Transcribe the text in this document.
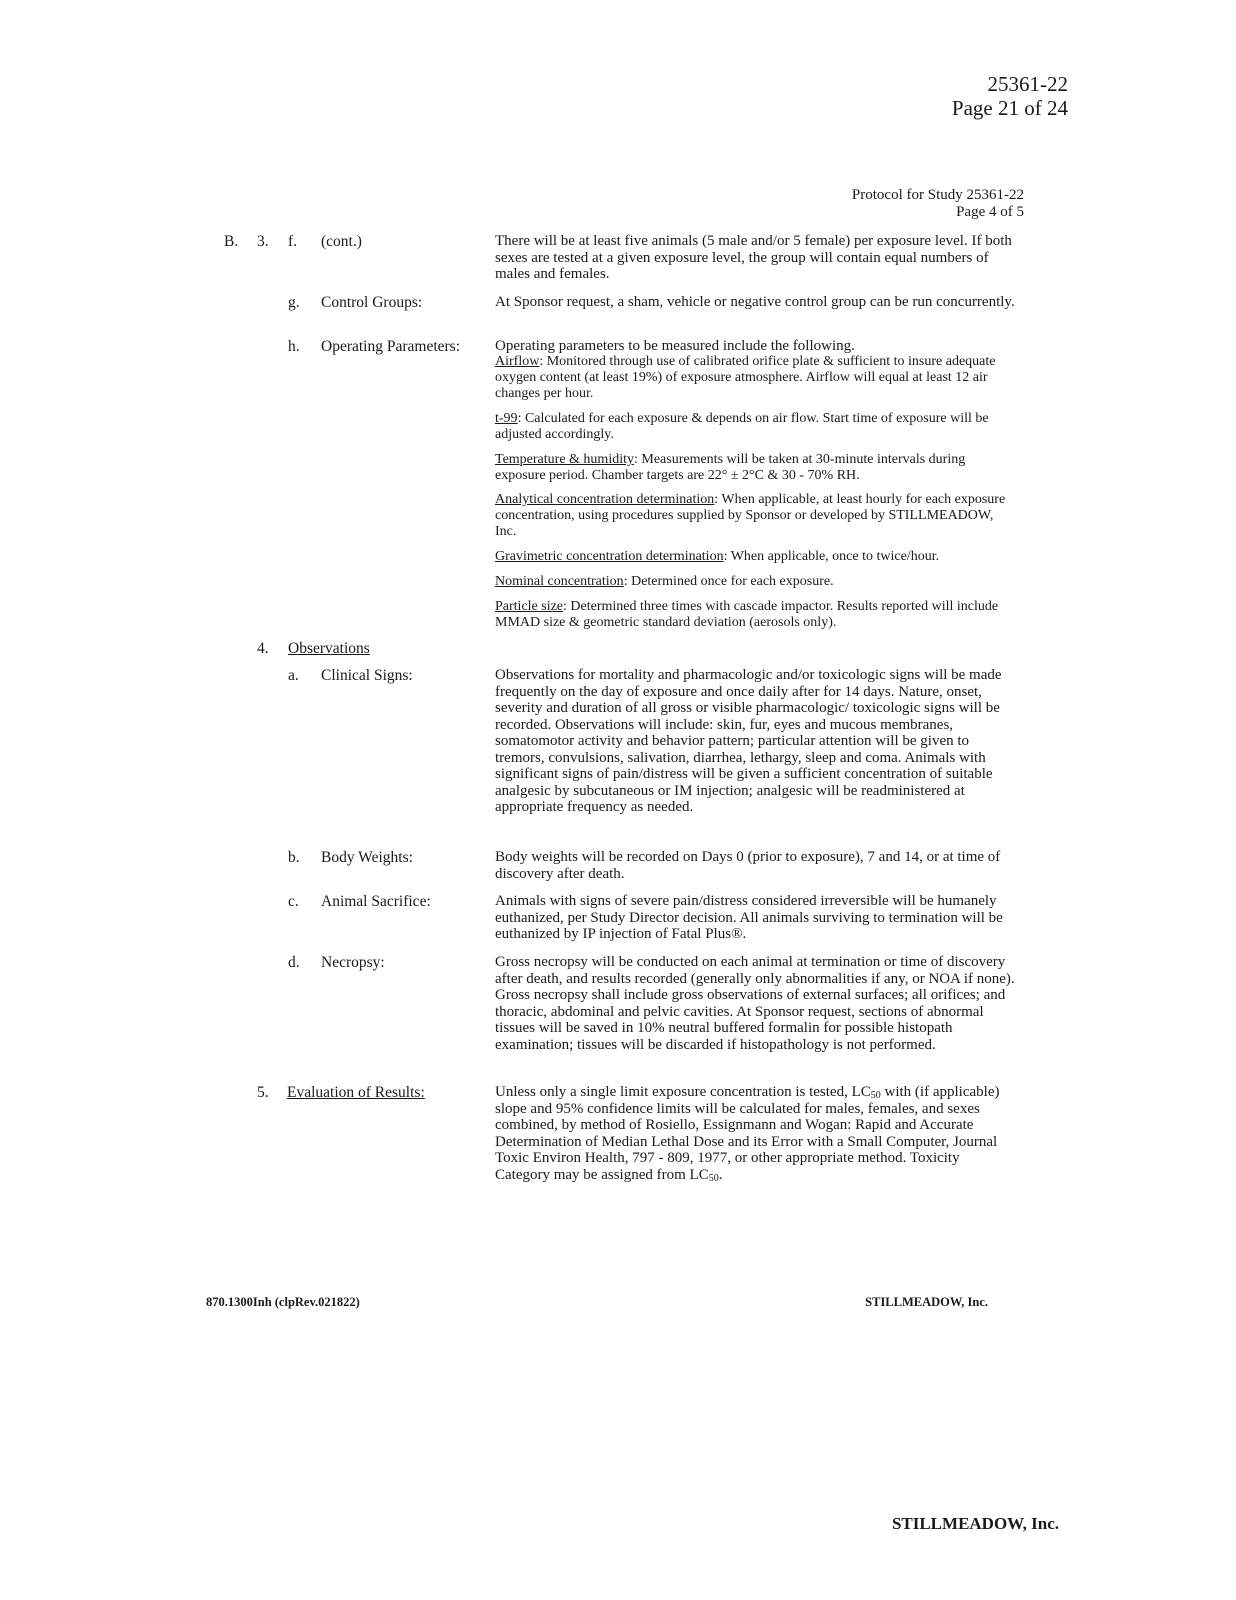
25361-22
Page 21 of 24
Protocol for Study 25361-22
Page 4 of 5
B. 3. f. (cont.)	There will be at least five animals (5 male and/or 5 female) per exposure level. If both sexes are tested at a given exposure level, the group will contain equal numbers of males and females.
g. Control Groups:	At Sponsor request, a sham, vehicle or negative control group can be run concurrently.
h. Operating Parameters: Operating parameters to be measured include the following.
Airflow: Monitored through use of calibrated orifice plate & sufficient to insure adequate oxygen content (at least 19%) of exposure atmosphere. Airflow will equal at least 12 air changes per hour.
t-99: Calculated for each exposure & depends on air flow. Start time of exposure will be adjusted accordingly.
Temperature & humidity: Measurements will be taken at 30-minute intervals during exposure period. Chamber targets are 22° ± 2°C & 30 - 70% RH.
Analytical concentration determination: When applicable, at least hourly for each exposure concentration, using procedures supplied by Sponsor or developed by STILLMEADOW, Inc.
Gravimetric concentration determination: When applicable, once to twice/hour.
Nominal concentration: Determined once for each exposure.
Particle size: Determined three times with cascade impactor. Results reported will include MMAD size & geometric standard deviation (aerosols only).
4. Observations
a. Clinical Signs:	Observations for mortality and pharmacologic and/or toxicologic signs will be made frequently on the day of exposure and once daily after for 14 days. Nature, onset, severity and duration of all gross or visible pharmacologic/ toxicologic signs will be recorded. Observations will include: skin, fur, eyes and mucous membranes, somatomotor activity and behavior pattern; particular attention will be given to tremors, convulsions, salivation, diarrhea, lethargy, sleep and coma. Animals with significant signs of pain/distress will be given a sufficient concentration of suitable analgesic by subcutaneous or IM injection; analgesic will be readministered at appropriate frequency as needed.
b. Body Weights:	Body weights will be recorded on Days 0 (prior to exposure), 7 and 14, or at time of discovery after death.
c. Animal Sacrifice:	Animals with signs of severe pain/distress considered irreversible will be humanely euthanized, per Study Director decision. All animals surviving to termination will be euthanized by IP injection of Fatal Plus®.
d. Necropsy:	Gross necropsy will be conducted on each animal at termination or time of discovery after death, and results recorded (generally only abnormalities if any, or NOA if none). Gross necropsy shall include gross observations of external surfaces; all orifices; and thoracic, abdominal and pelvic cavities. At Sponsor request, sections of abnormal tissues will be saved in 10% neutral buffered formalin for possible histopath examination; tissues will be discarded if histopathology is not performed.
5. Evaluation of Results:	Unless only a single limit exposure concentration is tested, $LC_{50}$ with (if applicable) slope and 95% confidence limits will be calculated for males, females, and sexes combined, by method of Rosiello, Essignmann and Wogan: Rapid and Accurate Determination of Median Lethal Dose and its Error with a Small Computer, Journal Toxic Environ Health, 797 - 809, 1977, or other appropriate method. Toxicity Category may be assigned from $LC_{50}$.
870.1300Inh (clpRev.021822)	STILLMEADOW, Inc.
STILLMEADOW, Inc.
